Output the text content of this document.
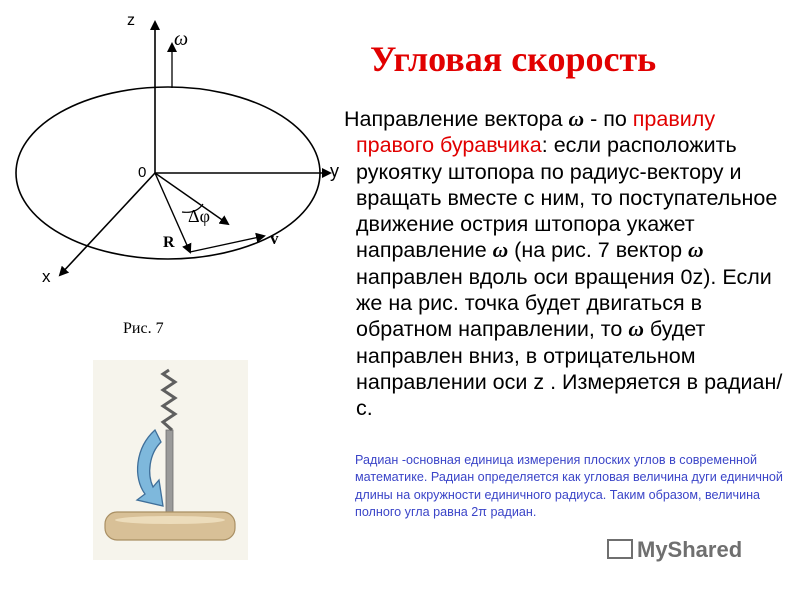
Угловая скорость
z
ω
0	y
x
Δφ
R	v
Рис. 7

Направление вектора ω - по правилу правого буравчика: если расположить рукоятку штопора по радиус-вектору и вращать вместе с ним, то поступательное движение острия штопора укажет направление ω (на рис. 7 вектор ω направлен вдоль оси вращения 0z). Если же на рис. точка будет двигаться в обратном направлении, то ω будет направлен вниз, в отрицательном направлении оси z . Измеряется в радиан/с.

Радиан -основная единица измерения плоских углов в современной математике. Радиан определяется как угловая величина дуги единичной длины на окружности единичного радиуса. Таким образом, величина полного угла равна 2π радиан.
MyShared
